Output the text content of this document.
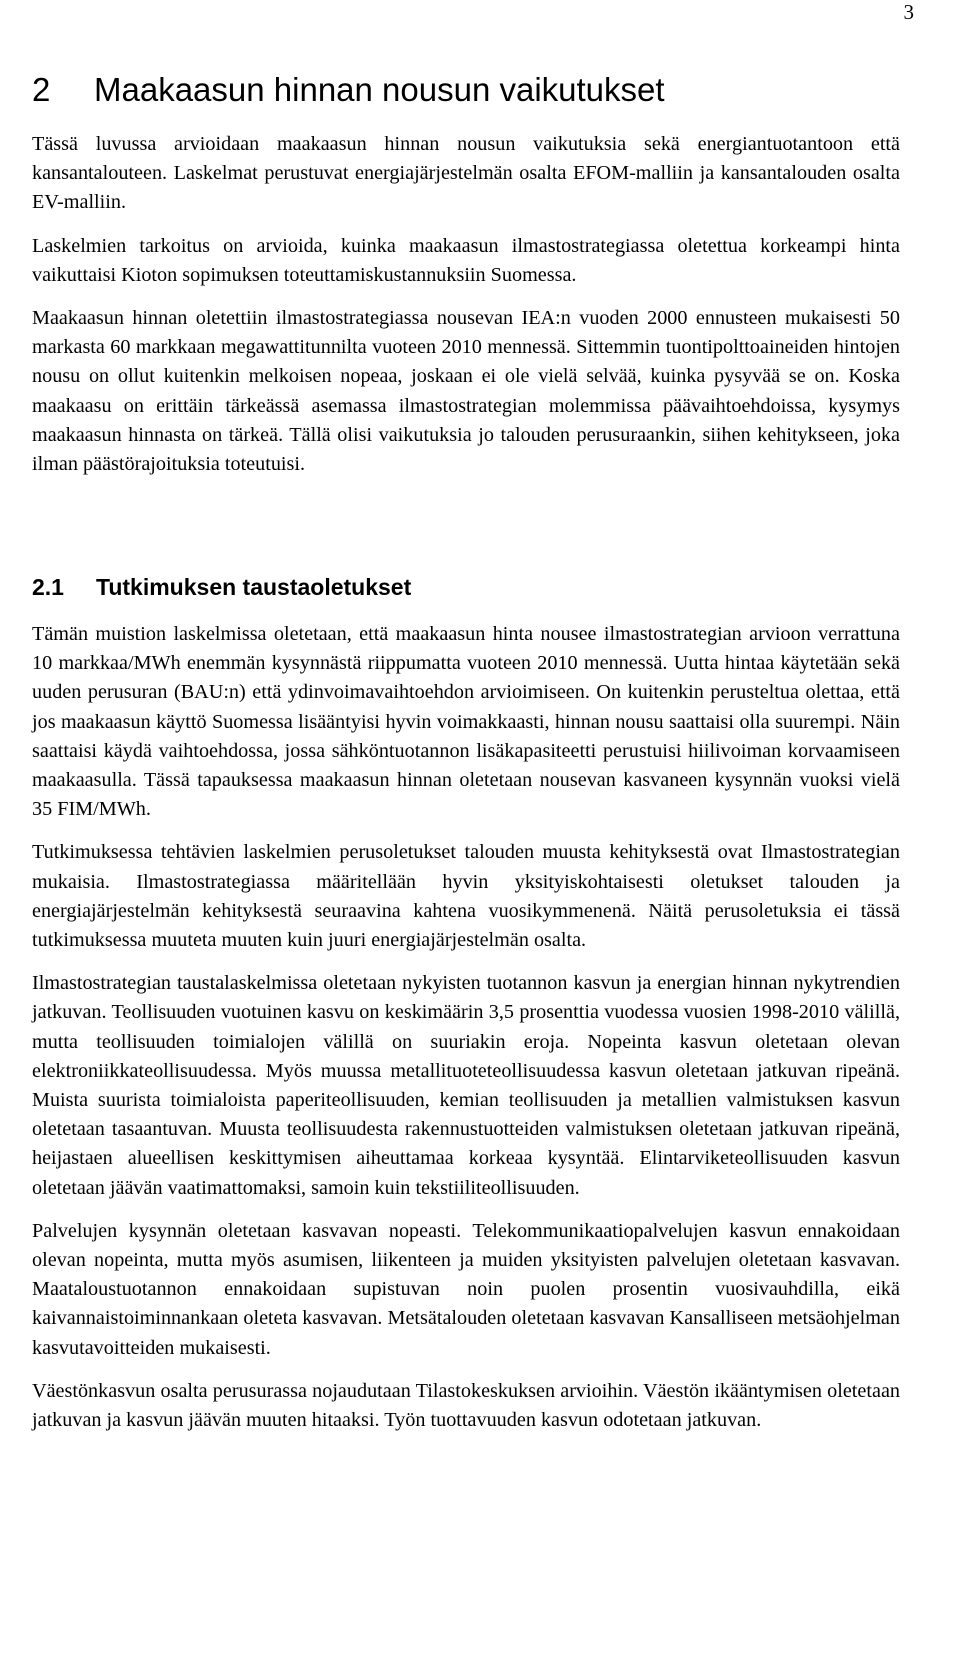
3
2 Maakaasun hinnan nousun vaikutukset

Tässä luvussa arvioidaan maakaasun hinnan nousun vaikutuksia sekä energiantuotantoon että kansantalouteen. Laskelmat perustuvat energiajärjestelmän osalta EFOM-malliin ja kansantalouden osalta EV-malliin.

Laskelmien tarkoitus on arvioida, kuinka maakaasun ilmastostrategiassa oletettua korkeampi hinta vaikuttaisi Kioton sopimuksen toteuttamiskustannuksiin Suomessa.

Maakaasun hinnan oletettiin ilmastostrategiassa nousevan IEA:n vuoden 2000 ennusteen mukaisesti 50 markasta 60 markkaan megawattitunnilta vuoteen 2010 mennessä. Sittemmin tuontipolttoaineiden hintojen nousu on ollut kuitenkin melkoisen nopeaa, joskaan ei ole vielä selvää, kuinka pysyvää se on. Koska maakaasu on erittäin tärkeässä asemassa ilmastostrategian molemmissa päävaihtoehdoissa, kysymys maakaasun hinnasta on tärkeä. Tällä olisi vaikutuksia jo talouden perusuraankin, siihen kehitykseen, joka ilman päästörajoituksia toteutuisi.

2.1 Tutkimuksen taustaoletukset

Tämän muistion laskelmissa oletetaan, että maakaasun hinta nousee ilmastostrategian arvioon verrattuna 10 markkaa/MWh enemmän kysynnästä riippumatta vuoteen 2010 mennessä. Uutta hintaa käytetään sekä uuden perusuran (BAU:n) että ydinvoimavaihtoehdon arvioimiseen. On kuitenkin perusteltua olettaa, että jos maakaasun käyttö Suomessa lisääntyisi hyvin voimakkaasti, hinnan nousu saattaisi olla suurempi. Näin saattaisi käydä vaihtoehdossa, jossa sähköntuotannon lisäkapasiteetti perustuisi hiilivoiman korvaamiseen maakaasulla. Tässä tapauksessa maakaasun hinnan oletetaan nousevan kasvaneen kysynnän vuoksi vielä 35 FIM/MWh.

Tutkimuksessa tehtävien laskelmien perusoletukset talouden muusta kehityksestä ovat Ilmastostrategian mukaisia. Ilmastostrategiassa määritellään hyvin yksityiskohtaisesti oletukset talouden ja energiajärjestelmän kehityksestä seuraavina kahtena vuosikymmenenä. Näitä perusoletuksia ei tässä tutkimuksessa muuteta muuten kuin juuri energiajärjestelmän osalta.

Ilmastostrategian taustalaskelmissa oletetaan nykyisten tuotannon kasvun ja energian hinnan nykytrendien jatkuvan. Teollisuuden vuotuinen kasvu on keskimäärin 3,5 prosenttia vuodessa vuosien 1998-2010 välillä, mutta teollisuuden toimialojen välillä on suuriakin eroja. Nopeinta kasvun oletetaan olevan elektroniikkateollisuudessa. Myös muussa metallituoteteollisuudessa kasvun oletetaan jatkuvan ripeänä. Muista suurista toimialoista paperiteollisuuden, kemian teollisuuden ja metallien valmistuksen kasvun oletetaan tasaantuvan. Muusta teollisuudesta rakennustuotteiden valmistuksen oletetaan jatkuvan ripeänä, heijastaen alueellisen keskittymisen aiheuttamaa korkeaa kysyntää. Elintarviketeollisuuden kasvun oletetaan jäävän vaatimattomaksi, samoin kuin tekstiiliteollisuuden.

Palvelujen kysynnän oletetaan kasvavan nopeasti. Telekommunikaatiopalvelujen kasvun ennakoidaan olevan nopeinta, mutta myös asumisen, liikenteen ja muiden yksityisten palvelujen oletetaan kasvavan. Maataloustuotannon ennakoidaan supistuvan noin puolen prosentin vuosivauhdilla, eikä kaivannaistoiminnankaan oleteta kasvavan. Metsätalouden oletetaan kasvavan Kansalliseen metsäohjelman kasvutavoitteiden mukaisesti.

Väestönkasvun osalta perusurassa nojaudutaan Tilastokeskuksen arvioihin. Väestön ikääntymisen oletetaan jatkuvan ja kasvun jäävän muuten hitaaksi. Työn tuottavuuden kasvun odotetaan jatkuvan.
